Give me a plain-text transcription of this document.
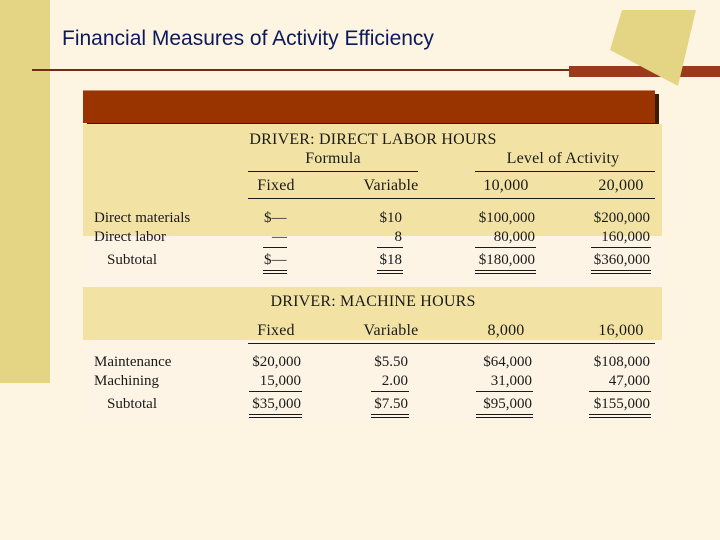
Financial Measures of Activity Efficiency
DRIVER: DIRECT LABOR HOURS
Formula	Level of Activity
Fixed	Variable	10,000	20,000
Direct materials	$—	$10	$100,000	$200,000
Direct labor	—	8	80,000	160,000
Subtotal	$—	$18	$180,000	$360,000
DRIVER: MACHINE HOURS
Fixed	Variable	8,000	16,000
Maintenance	$20,000	$5.50	$64,000	$108,000
Machining	15,000	2.00	31,000	47,000
Subtotal	$35,000	$7.50	$95,000	$155,000
